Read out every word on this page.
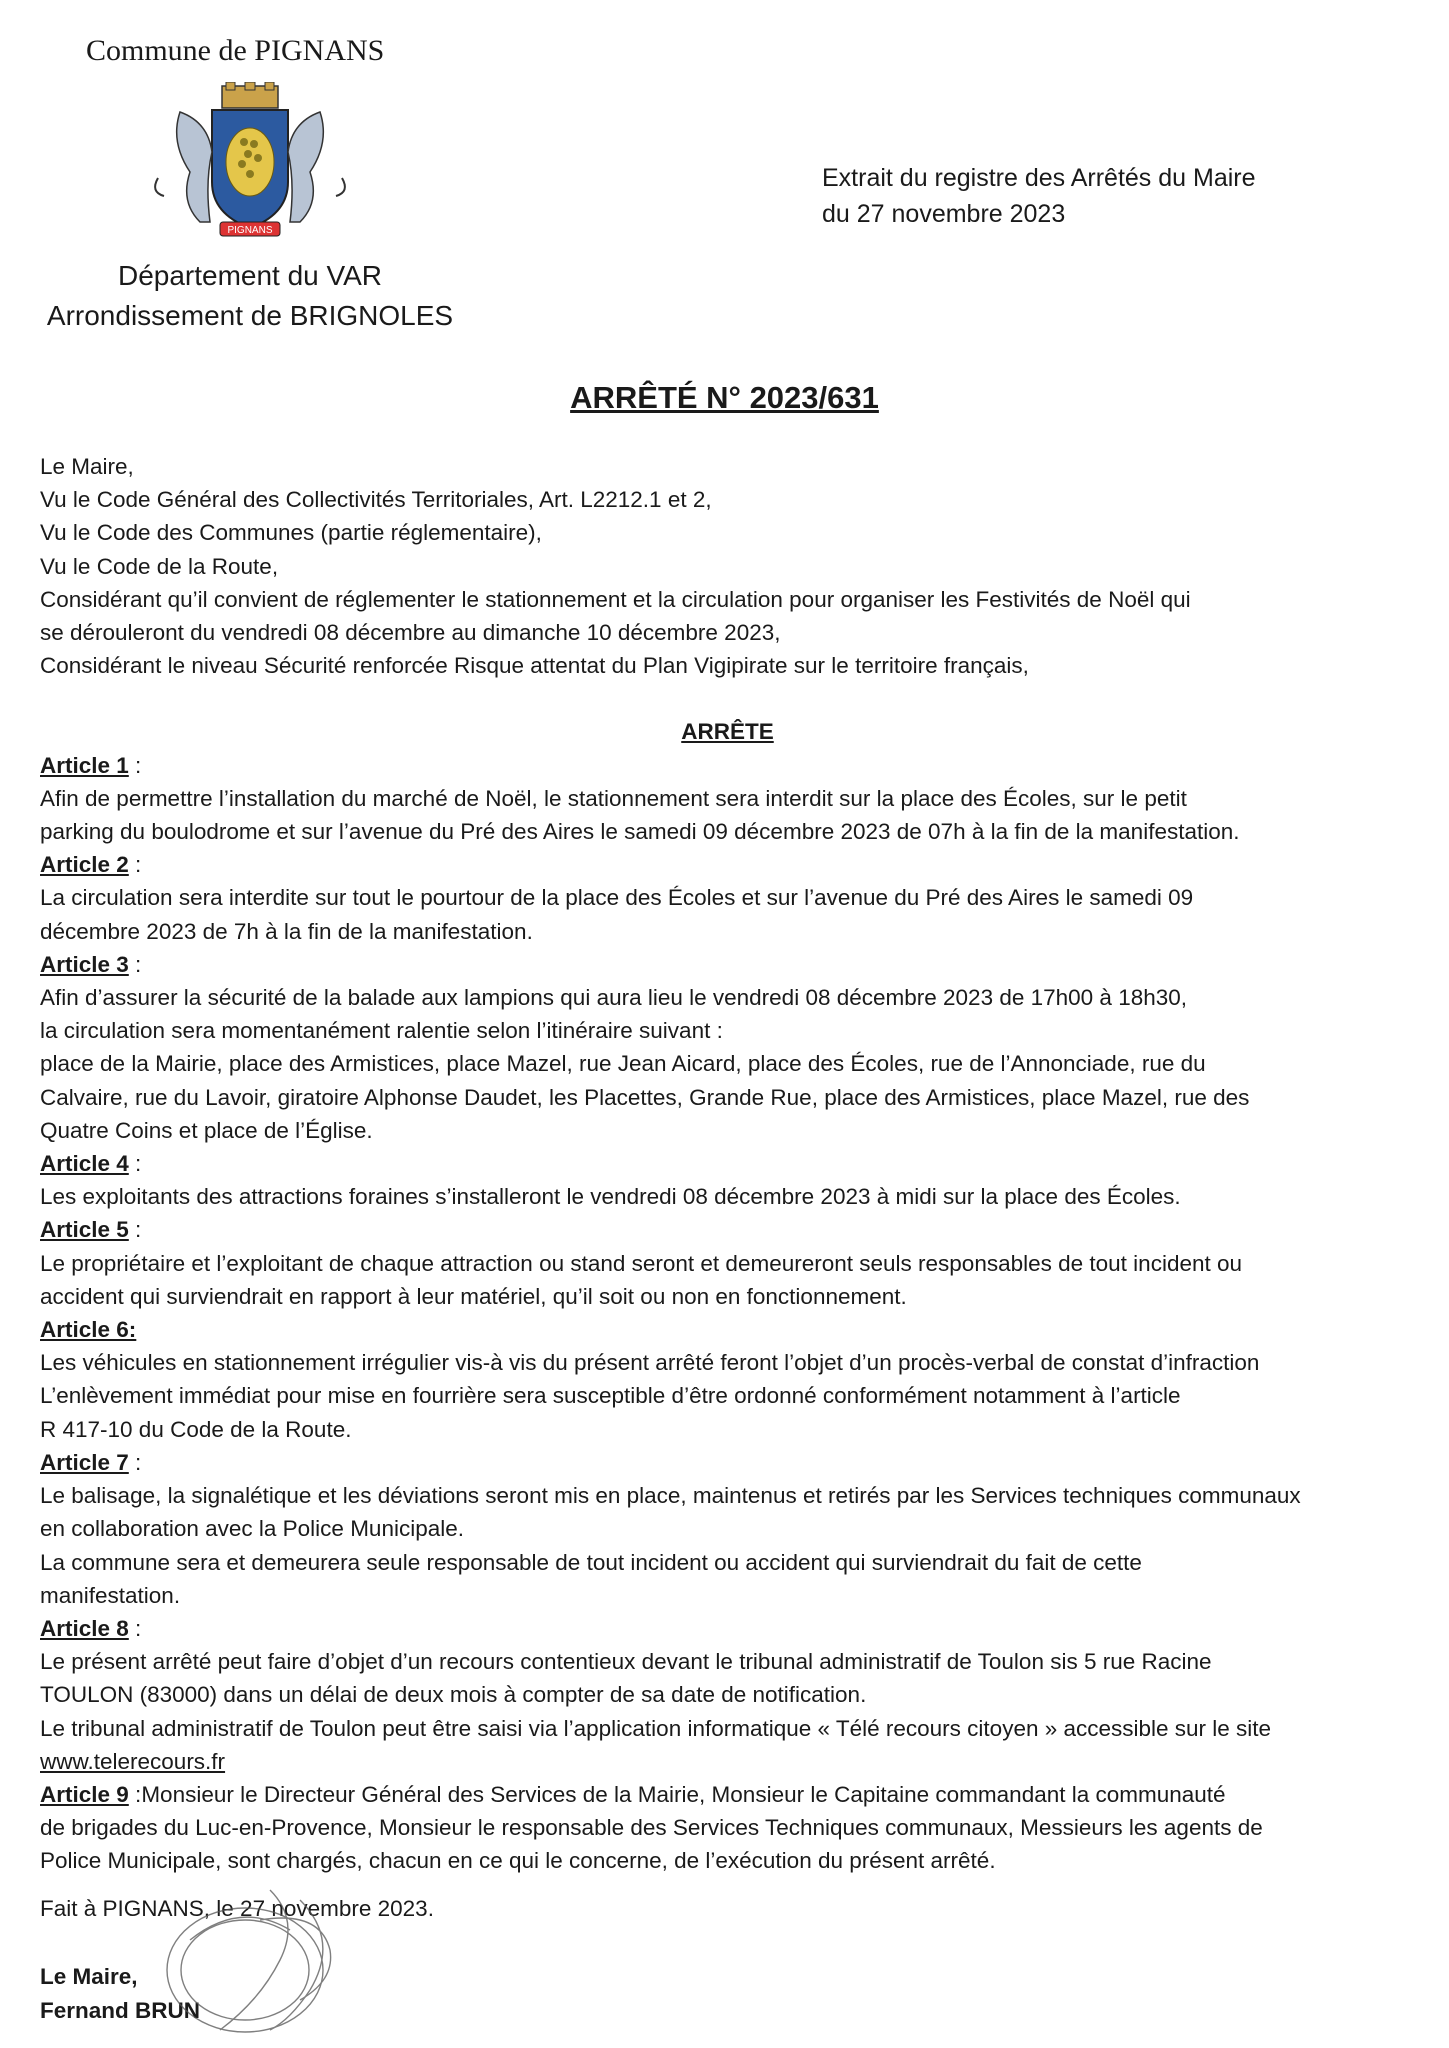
Commune de PIGNANS
PIGNANS
Extrait du registre des Arrêtés du Maire
du 27 novembre 2023
Département du VAR
Arrondissement de BRIGNOLES
ARRÊTÉ N° 2023/631

Le Maire,

Vu le Code Général des Collectivités Territoriales, Art. L2212.1 et 2,

Vu le Code des Communes (partie réglementaire),

Vu le Code de la Route,

Considérant qu’il convient de réglementer le stationnement et la circulation pour organiser les Festivités de Noël qui

se dérouleront du vendredi 08 décembre au dimanche 10 décembre 2023,

Considérant le niveau Sécurité renforcée Risque attentat du Plan Vigipirate sur le territoire français,

ARRÊTE

Article 1 :

Afin de permettre l’installation du marché de Noël, le stationnement sera interdit sur la place des Écoles, sur le petit

parking du boulodrome et sur l’avenue du Pré des Aires le samedi 09 décembre 2023 de 07h à la fin de la manifestation.

Article 2 :

La circulation sera interdite sur tout le pourtour de la place des Écoles et sur l’avenue du Pré des Aires le samedi 09

décembre 2023 de 7h à la fin de la manifestation.

Article 3 :

Afin d’assurer la sécurité de la balade aux lampions qui aura lieu le vendredi 08 décembre 2023 de 17h00 à 18h30,

la circulation sera momentanément ralentie selon l’itinéraire suivant :

place de la Mairie, place des Armistices, place Mazel, rue Jean Aicard, place des Écoles, rue de l’Annonciade, rue du

Calvaire, rue du Lavoir, giratoire Alphonse Daudet, les Placettes, Grande Rue, place des Armistices, place Mazel, rue des

Quatre Coins et place de l’Église.

Article 4 :

Les exploitants des attractions foraines s’installeront le vendredi 08 décembre 2023 à midi sur la place des Écoles.

Article 5 :

Le propriétaire et l’exploitant de chaque attraction ou stand seront et demeureront seuls responsables de tout incident ou

accident qui surviendrait en rapport à leur matériel, qu’il soit ou non en fonctionnement.

Article 6:

Les véhicules en stationnement irrégulier vis-à vis du présent arrêté feront l’objet d’un procès-verbal de constat d’infraction

L’enlèvement immédiat pour mise en fourrière sera susceptible d’être ordonné conformément notamment à l’article

R 417-10 du Code de la Route.

Article 7 :

Le balisage, la signalétique et les déviations seront mis en place, maintenus et retirés par les Services techniques communaux

en collaboration avec la Police Municipale.

La commune sera et demeurera seule responsable de tout incident ou accident qui surviendrait du fait de cette

manifestation.

Article 8 :

Le présent arrêté peut faire d’objet d’un recours contentieux devant le tribunal administratif de Toulon sis 5 rue Racine

TOULON (83000) dans un délai de deux mois à compter de sa date de notification.

Le tribunal administratif de Toulon peut être saisi via l’application informatique « Télé recours citoyen » accessible sur le site

www.telerecours.fr

Article 9 :Monsieur le Directeur Général des Services de la Mairie, Monsieur le Capitaine commandant la communauté

de brigades du Luc-en-Provence, Monsieur le responsable des Services Techniques communaux, Messieurs les agents de

Police Municipale, sont chargés, chacun en ce qui le concerne, de l’exécution du présent arrêté.

Fait à PIGNANS, le 27 novembre 2023.
Le Maire,
Fernand BRUN
